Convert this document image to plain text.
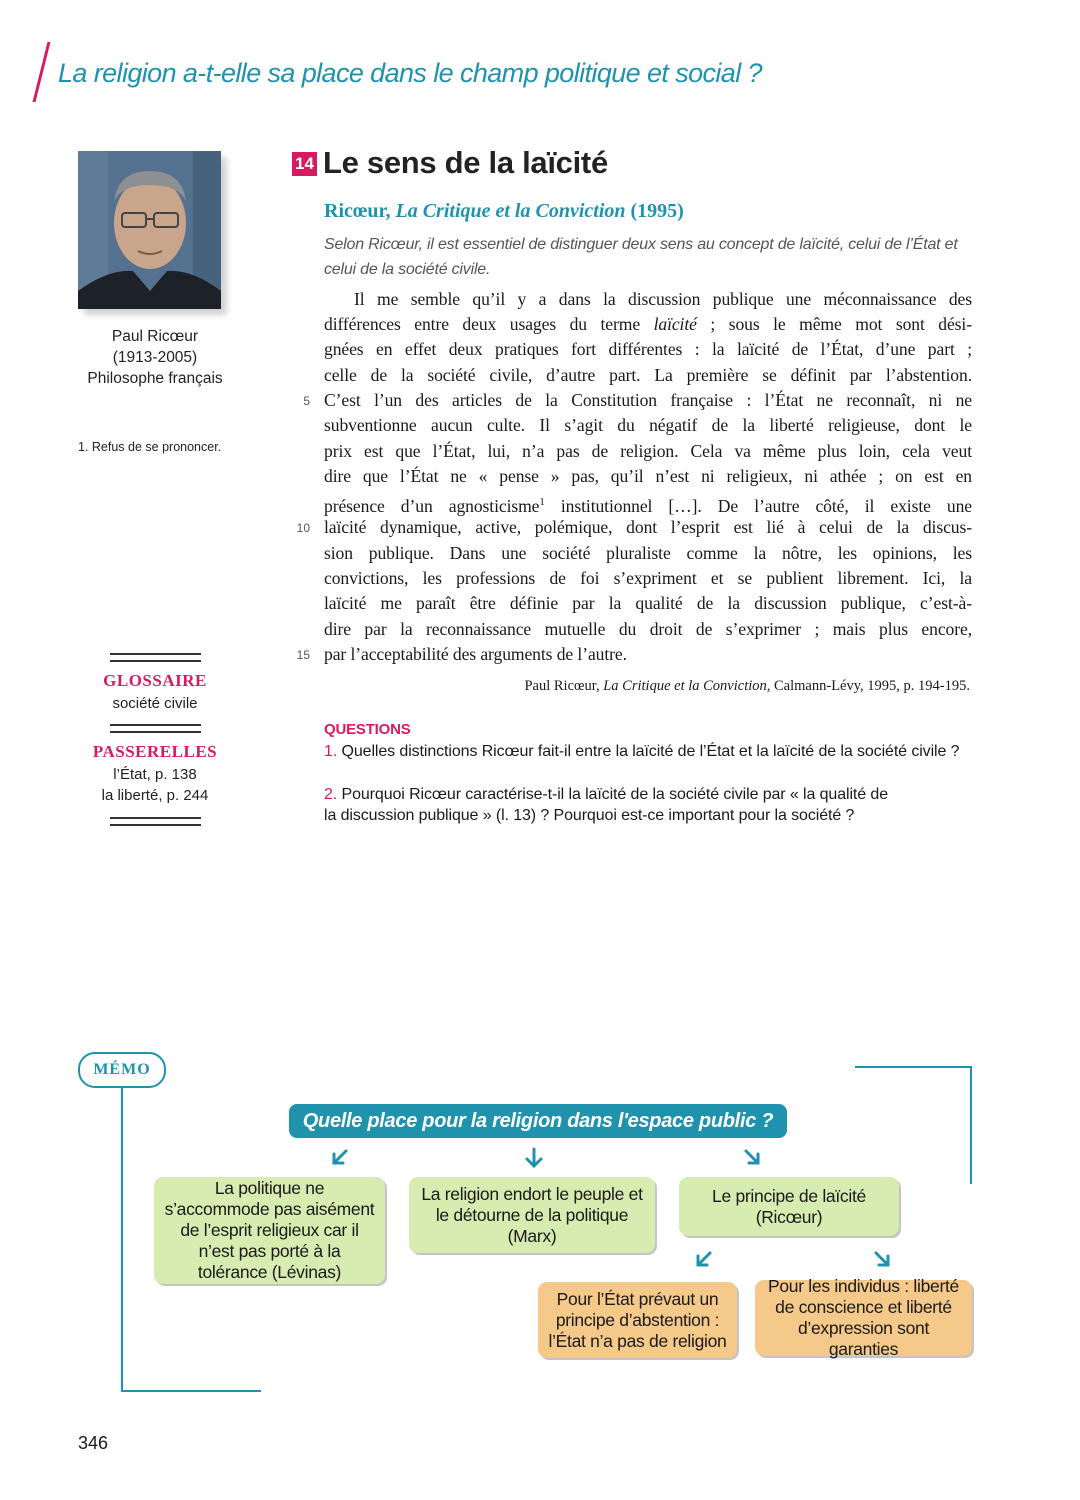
La religion a-t-elle sa place dans le champ politique et social ?
Paul Ricœur
(1913-2005)
Philosophe français
1. Refus de se prononcer.
GLOSSAIRE
société civile
PASSERELLES
l’État, p. 138
la liberté, p. 244
14 Le sens de la laïcité
Ricœur, La Critique et la Conviction (1995)
Selon Ricœur, il est essentiel de distinguer deux sens au concept de laïcité, celui de l’État et celui de la société civile.
Il me semble qu’il y a dans la discussion publique une méconnaissance des
différences entre deux usages du terme laïcité ; sous le même mot sont dési-
gnées en effet deux pratiques fort différentes : la laïcité de l’État, d’une part ;
celle de la société civile, d’autre part. La première se définit par l’abstention.
5 C’est l’un des articles de la Constitution française : l’État ne reconnaît, ni ne
subventionne aucun culte. Il s’agit du négatif de la liberté religieuse, dont le
prix est que l’État, lui, n’a pas de religion. Cela va même plus loin, cela veut
dire que l’État ne « pense » pas, qu’il n’est ni religieux, ni athée ; on est en
présence d’un agnosticisme$^1$ institutionnel […]. De l’autre côté, il existe une
10 laïcité dynamique, active, polémique, dont l’esprit est lié à celui de la discus-
sion publique. Dans une société pluraliste comme la nôtre, les opinions, les
convictions, les professions de foi s’expriment et se publient librement. Ici, la
laïcité me paraît être définie par la qualité de la discussion publique, c’est-à-
dire par la reconnaissance mutuelle du droit de s’exprimer ; mais plus encore,
15 par l’acceptabilité des arguments de l’autre.
Paul Ricœur, La Critique et la Conviction, Calmann-Lévy, 1995, p. 194-195.
QUESTIONS
1. Quelles distinctions Ricœur fait-il entre la laïcité de l’État et la laïcité de la société civile ?
2. Pourquoi Ricœur caractérise-t-il la laïcité de la société civile par « la qualité de
la discussion publique » (l. 13) ? Pourquoi est-ce important pour la société ?
MÉMO
Quelle place pour la religion dans l'espace public ?
La politique ne s’accommode pas aisément de l’esprit religieux car il n’est pas porté à la tolérance (Lévinas)
La religion endort le peuple et le détourne de la politique (Marx)
Le principe de laïcité (Ricœur)
Pour l’État prévaut un principe d’abstention : l’État n’a pas de religion
Pour les individus : liberté de conscience et liberté d’expression sont garanties
346
